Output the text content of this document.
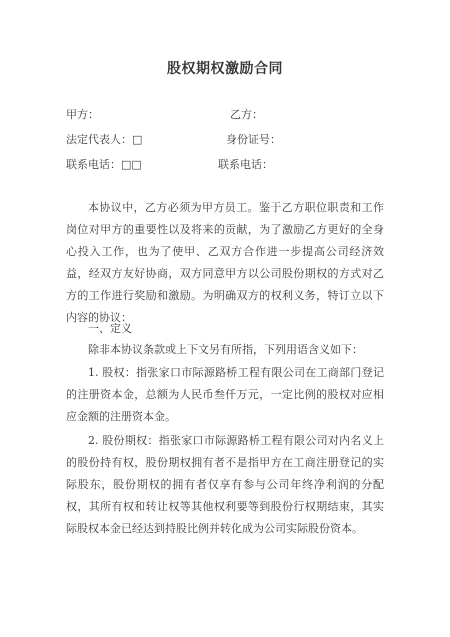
股权期权激励合同
甲方：	乙方：
法定代表人：□	身份证号：
联系电话：□□	联系电话：

本协议中，乙方必须为甲方员工。鉴于乙方职位职责和工作岗位对甲方的重要性以及将来的贡献，为了激励乙方更好的全身心投入工作，也为了使甲、乙双方合作进一步提高公司经济效益，经双方友好协商，双方同意甲方以公司股份期权的方式对乙方的工作进行奖励和激励。为明确双方的权利义务，特订立以下内容的协议：

一、定义

除非本协议条款或上下文另有所指，下列用语含义如下：

1. 股权：指张家口市际源路桥工程有限公司在工商部门登记的注册资本金，总额为人民币叁仟万元，一定比例的股权对应相应金额的注册资本金。

2. 股份期权：指张家口市际源路桥工程有限公司对内名义上的股份持有权，股份期权拥有者不是指甲方在工商注册登记的实际股东，股份期权的拥有者仅享有参与公司年终净利润的分配权，其所有权和转让权等其他权利要等到股份行权期结束，其实际股权本金已经达到持股比例并转化成为公司实际股份资本。
